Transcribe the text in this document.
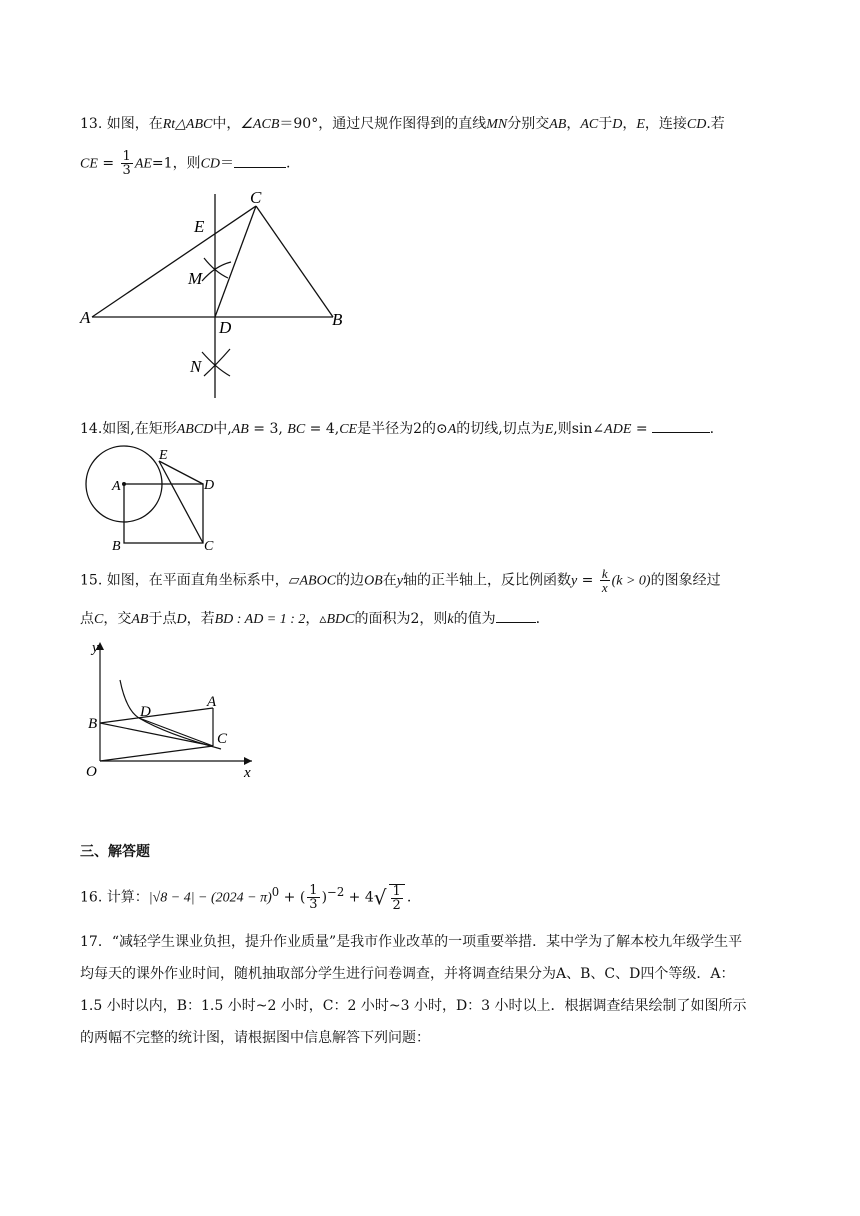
13. 如图，在Rt△ABC中，∠ACB＝90°，通过尺规作图得到的直线MN分别交AB，AC于D，E，连接CD.若
CE = $\frac{1}{3} AE=1$，则CD＝	.
A	B
C
D
E
M
N
14.如图,在矩形ABCD中,AB = 3, BC = 4,CE是半径为2的⊙A的切线,切点为E,则sin∠ADE =	.
E
A	D
B	C
15. 如图，在平面直角坐标系中，▱ABOC的边OB在y轴的正半轴上，反比例函数$y = \frac{k}{x} (k > 0)$的图象经过
点C，交AB于点D，若BD : AD = 1 : 2，▵BDC的面积为2，则k的值为	.
y
x
O
B
A
C
D
三、解答题
16. 计算：$|√8 - 4| - (2024 - \pi)^0$ + ( $\frac{1}{3} )^{-2} + 4√ \frac{1}{2}$ .
17．“减轻学生课业负担，提升作业质量”是我市作业改革的一项重要举措．某中学为了解本校九年级学生平
均每天的课外作业时间，随机抽取部分学生进行问卷调查，并将调查结果分为A、B、C、D四个等级．A：
1.5 小时以内，B：1.5 小时~2 小时，C：2 小时~3 小时，D：3 小时以上．根据调查结果绘制了如图所示
的两幅不完整的统计图，请根据图中信息解答下列问题：
